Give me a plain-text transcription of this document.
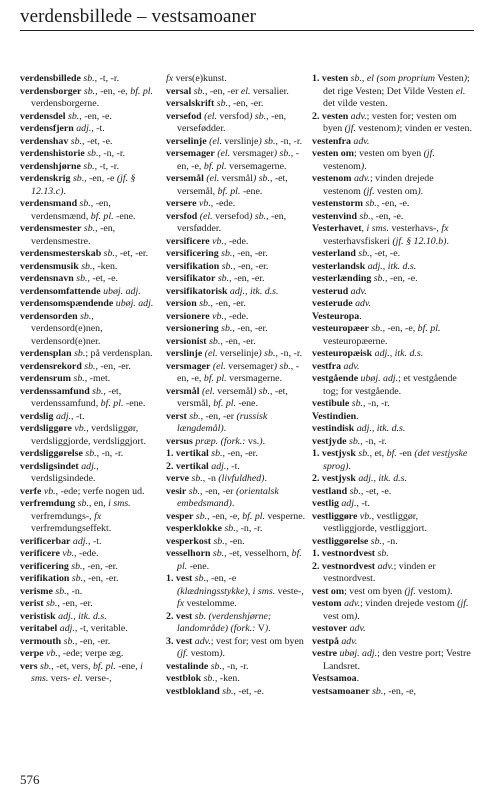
verdensbillede – vestsamoaner

verdensbillede sb., -t, -r.

verdensborger sb., -en, -e, bf. pl. verdensborgerne.

verdensdel sb., -en, -e.

verdensfjern adj., -t.

verdenshav sb., -et, -e.

verdenshistorie sb., -n, -r.

verdenshjørne sb., -t, -r.

verdenskrig sb., -en, -e (jf. § 12.13.c).

verdensmand sb., -en, verdensmænd, bf. pl. -ene.

verdensmester sb., -en, verdensmestre.

verdensmesterskab sb., -et, -er.

verdensmusik sb., -ken.

verdensnavn sb., -et, -e.

verdensomfattende ubøj. adj.

verdensomspændende ubøj. adj.

verdensorden sb., verdensord(e)nen, verdensord(e)ner.

verdensplan sb.; på verdensplan.

verdensrekord sb., -en, -er.

verdensrum sb., -met.

verdenssamfund sb., -et, verdenssamfund, bf. pl. -ene.

verdslig adj., -t.

verdsliggøre vb., verdsliggør, verdsliggjorde, verdsliggjort.

verdsliggørelse sb., -n, -r.

verdsligsindet adj., verdsligsindede.

verfe vb., -ede; verfe nogen ud.

verfremdung sb., en, i sms. verfremdungs-, fx verfremdungseffekt.

verificerbar adj., -t.

verificere vb., -ede.

verificering sb., -en, -er.

verifikation sb., -en, -er.

verisme sb., -n.

verist sb., -en, -er.

veristisk adj., itk. d.s.

veritabel adj., -t, veritable.

vermouth sb., -en, -er.

verpe vb., -ede; verpe æg.

vers sb., -et, vers, bf. pl. -ene, i sms. vers- el. verse-,

fx vers(e)kunst.

versal sb., -en, -er el. versalier.

versalskrift sb., -en, -er.

versefod (el. versfod) sb., -en, versefødder.

verselinje (el. verslinje) sb., -n, -r.

versemager (el. versmager) sb., -en, -e, bf. pl. versemagerne.

versemål (el. versmål) sb., -et, versemål, bf. pl. -ene.

versere vb., -ede.

versfod (el. versefod) sb., -en, versfødder.

versificere vb., -ede.

versificering sb., -en, -er.

versifikation sb., -en, -er.

versifikator sb., -en, -er.

versifikatorisk adj., itk. d.s.

version sb., -en, -er.

versionere vb., -ede.

versionering sb., -en, -er.

versionist sb., -en, -er.

verslinje (el. verselinje) sb., -n, -r.

versmager (el. versemager) sb., -en, -e, bf. pl. versmagerne.

versmål (el. versemål) sb., -et, versmål, bf. pl. -ene.

verst sb., -en, -er (russisk længdemål).

versus præp. (fork.: vs.).

1. vertikal sb., -en, -er.

2. vertikal adj., -t.

verve sb., -n (livfuldhed).

vesir sb., -en, -er (orientalsk embedsmand).

vesper sb., -en, -e, bf. pl. vesperne.

vesperklokke sb., -n, -r.

vesperkost sb., -en.

vesselhorn sb., -et, vesselhorn, bf. pl. -ene.

1. vest sb., -en, -e (klædningsstykke), i sms. veste-, fx vestelomme.

2. vest sb. (verdenshjørne; landområde) (fork.: V).

3. vest adv.; vest for; vest om byen (jf. vestom).

vestalinde sb., -n, -r.

vestblok sb., -ken.

vestblokland sb., -et, -e.

1. vesten sb., el (som proprium Vesten); det rige Vesten; Det Vilde Vesten el. det vilde vesten.

2. vesten adv.; vesten for; vesten om byen (jf. vestenom); vinden er vesten.

vestenfra adv.

vesten om; vesten om byen (jf. vestenom).

vestenom adv.; vinden drejede vestenom (jf. vesten om).

vestenstorm sb., -en, -e.

vestenvind sb., -en, -e.

Vesterhavet, i sms. vesterhavs-, fx vesterhavsfiskeri (jf. § 12.10.b).

vesterland sb., -et, -e.

vesterlandsk adj., itk. d.s.

vesterlænding sb., -en, -e.

vesterud adv.

vesterude adv.

Vesteuropa.

vesteuropæer sb., -en, -e, bf. pl. vesteuropæerne.

vesteuropæisk adj., itk. d.s.

vestfra adv.

vestgående ubøj. adj.; et vestgående tog; for vestgående.

vestibule sb., -n, -r.

Vestindien.

vestindisk adj., itk. d.s.

vestjyde sb., -n, -r.

1. vestjysk sb., et, bf. -en (det vestjyske sprog).

2. vestjysk adj., itk. d.s.

vestland sb., -et, -e.

vestlig adj., -t.

vestliggøre vb., vestliggør, vestliggjorde, vestliggjort.

vestliggørelse sb., -n.

1. vestnordvest sb.

2. vestnordvest adv.; vinden er vestnordvest.

vest om; vest om byen (jf. vestom).

vestom adv.; vinden drejede vestom (jf. vest om).

vestover adv.

vestpå adv.

vestre ubøj. adj.; den vestre port; Vestre Landsret.

Vestsamoa.

vestsamoaner sb., -en, -e,

576
